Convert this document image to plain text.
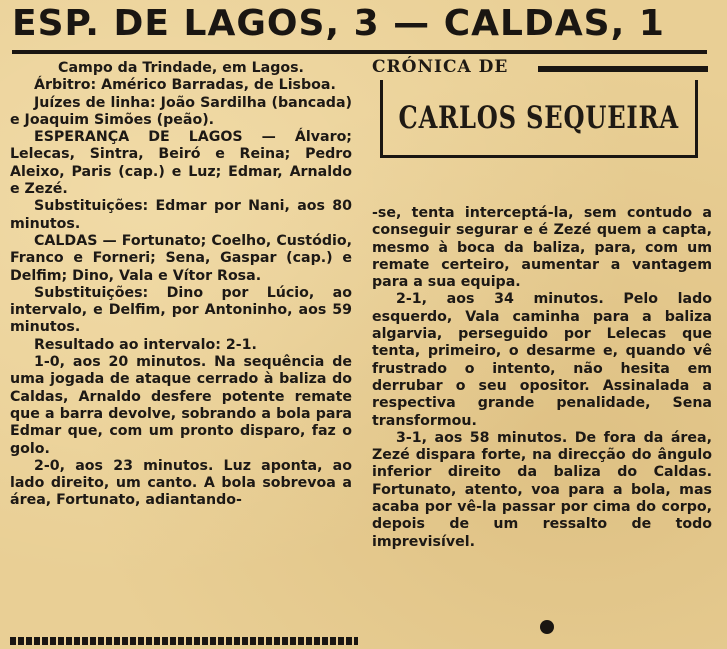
ESP. DE LAGOS, 3 — CALDAS, 1

Campo da Trindade, em Lagos.

Árbitro: Américo Barradas, de Lisboa.

Juízes de linha: João Sardilha (bancada) e Joaquim Simões (peão).

ESPERANÇA DE LAGOS — Álvaro; Lelecas, Sintra, Beiró e Reina; Pedro Aleixo, Paris (cap.) e Luz; Edmar, Arnaldo e Zezé.

Substituições: Edmar por Nani, aos 80 minutos.

CALDAS — Fortunato; Coelho, Custódio, Franco e Forneri; Sena, Gaspar (cap.) e Delfim; Dino, Vala e Vítor Rosa.

Substituições: Dino por Lúcio, ao intervalo, e Delfim, por Antoninho, aos 59 minutos.

Resultado ao intervalo: 2-1.

1-0, aos 20 minutos. Na sequência de uma jogada de ataque cerrado à baliza do Caldas, Arnaldo desfere potente remate que a barra devolve, sobrando a bola para Edmar que, com um pronto disparo, faz o golo.

2-0, aos 23 minutos. Luz aponta, ao lado direito, um canto. A bola sobrevoa a área, Fortunato, adiantando-

CRÓNICA DE
CARLOS SEQUEIRA

-se, tenta interceptá-la, sem contudo a conseguir segurar e é Zezé quem a capta, mesmo à boca da baliza, para, com um remate certeiro, aumentar a vantagem para a sua equipa.

2-1, aos 34 minutos. Pelo lado esquerdo, Vala caminha para a baliza algarvia, perseguido por Lelecas que tenta, primeiro, o desarme e, quando vê frustrado o intento, não hesita em derrubar o seu opositor. Assinalada a respectiva grande penalidade, Sena transformou.

3-1, aos 58 minutos. De fora da área, Zezé dispara forte, na direcção do ângulo inferior direito da baliza do Caldas. Fortunato, atento, voa para a bola, mas acaba por vê-la passar por cima do corpo, depois de um ressalto de todo imprevisível.
